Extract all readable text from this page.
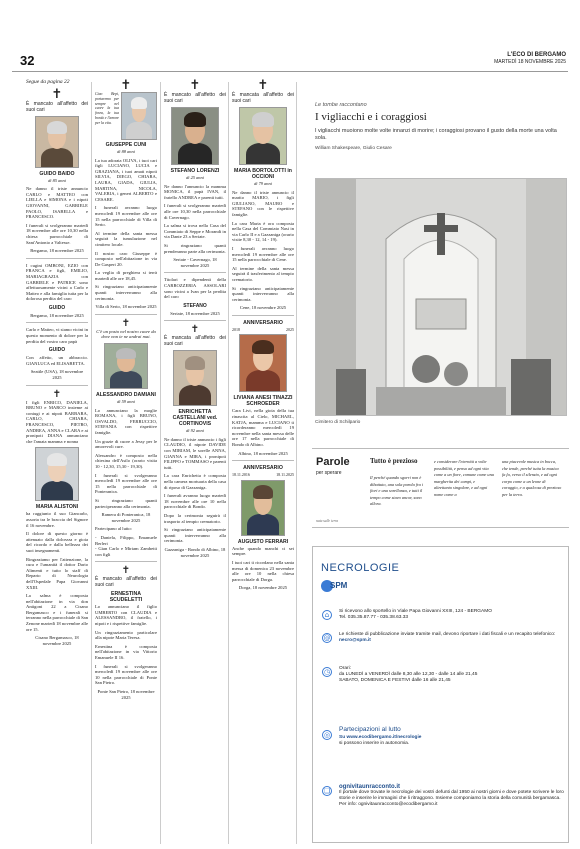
32	L'ECO DI BERGAMO
MARTEDÌ 18 NOVEMBRE 2025
Segue da pagina 22
✝
È mancato all'affetto dei suoi cari
GUIDO BAIDO
di 85 anni

Ne danno il triste annuncio CARLO e MATTEO con LIELLA e SIMONA e i nipoti GIOVANNI, GABRIELE PAOLO, ISABELLA e FRANCESCO.

I funerali si svolgeranno martedì 18 novembre alle ore 10,30 nella chiesa parrocchiale di Sant'Antonio a Valtesse.

Bergamo, 18 novembre 2025

I cugini OMBONI, EZIO con FRANCA e figli, EMILIO, MARIAGRAZIA con GABRIELE e PATRICE sono affettuosamente vicini a Carlo e Matteo e alla famiglia tutta per la dolorosa perdita del caro

GUIDO

Bergamo, 18 novembre 2025

Carlo e Matteo, vi siamo vicini in questo momento di dolore per la perdita del vostro caro papà

GUIDO

Con affetto, un abbraccio. GIANLUCA ed ELISABETTA.

Seattle (USA), 18 novembre 2025

✝

I figli ENRICO, DANIELA, BRUNO e MARCO insieme ai coniugi e ai nipoti BARBARA, CARLO, CHIARA, FRANCESCO, PIETRO, ANDREA, ANNA e CLARA e ai pronipoti DIANA annunciano che l'amata mamma e nonna

MARIA ALISTONI

ha raggiunto il suo Giancarlo, assorta tra le braccia del Signore il 16 novembre.

Il dolore di questo giorno è attenuato dalla dolcezza e gioia del ricordo e dalla bellezza dei suoi insegnamenti.

Ringraziamo per l'attenzione, la cura e l'umanità il dottor Dario Alimenti e tutto lo staff di Reparto di Neurologia dell'Ospedale Papa Giovanni XXIII.

La salma è composta nell'abitazione in via don Antigoni 22 a Cisano Bergamasco e i funerali si terranno nella parrocchiale di San Zenone martedì 18 novembre alle ore 15.

Cisano Bergamasco, 18 novembre 2025

✝

Ciao Bepi, portaremo per sempre nel cuore la tua forza, la tua bontà e l'amore per la vita.

GIUSEPPE CUNI
di 88 anni

La tua adorata OLIVA, i tuoi cari figli LUCIANO, LUCIA e GRAZIANA, i tuoi amati nipoti SILVIA, DIEGO, CHIARA, LAURA, GIADA, GIULIA, MARTINA, NICOLA, VALERIA, i generi ALBERTO e CESARE.

I funerali avranno luogo mercoledì 19 novembre alle ore 15 nella parrocchiale di Villa di Serio.

Al termine della santa messa seguirà la tumulazione nel cimitero locale.

Il nostro caro Giuseppe è composto nell'abitazione in via De Gasperi 20.

La veglia di preghiera si terrà martedì alle ore 18,45.

Si ringraziano anticipatamente quanti interverranno alla cerimonia.

Villa di Serio, 18 novembre 2025

✝

C'è un posto nel nostro cuore da dove non te ne andrai mai.

ALESSANDRO DAMIANI
di 59 anni

Lo annunciano la moglie ROMANA, i figli BRUNO, OSVALDO, FERRUCCIO, STEFANIA con rispettive famiglie.

Un grazie di cuore a Jessy per le amorevoli cure.

Alessandro è composto nella chiesina dell'Asilo (orario visita 10 - 12,30, 15,30 - 19,30).

I funerali si svolgeranno mercoledì 19 novembre alle ore 15 nella parrocchiale di Ponteranica.

Si ringraziano quanti parteciperanno alla cerimonia.

Ramera di Ponteranica, 18 novembre 2025

Partecipano al lutto:

- Daniela, Filippo, Emanuele Berleri
- Gian Carlo e Miriam Zambetti con figli

✝
È mancato all'affetto dei suoi cari
ERNESTINA SCUDELETTI

Lo annunciano il figlio UMBERTO con CLAUDIA e ALESSANDRO, il fratello, i nipoti e i rispettive famiglie.

Un ringraziamento particolare alla nipote Maria Teresa.

Ernestina è composta nell'abitazione in via Vittorio Emanuele II 16.

I funerali si svolgeranno mercoledì 19 novembre alle ore 10 nella parrocchiale di Ponte San Pietro.

Ponte San Pietro, 18 novembre 2025

✝
È mancato all'affetto dei suoi cari
STEFANO LORENZI
di 25 anni

Ne danno l'annuncio la mamma MONICA, il papà IVAN, il fratello ANDREA e parenti tutti.

I funerali si svolgeranno martedì alle ore 10,30 nella parrocchiale di Cavernago.

La salma si trova nella Casa del Commiato di Seppe e Morandi in via Dante 23 a Seriate.

Si ringraziano quanti prenderanno parte alla cerimonia.

Seriate - Cavernago, 18 novembre 2025

Titolari e dipendenti della CARROZZERIA ASSOLARI sono vicini a Ivan per la perdita del caro

STEFANO

Seriate, 18 novembre 2025

✝
È mancata all'affetto dei suoi cari
ENRICHETTA CASTELLANI ved. CORTINOVIS
di 92 anni

Ne danno il triste annuncio i figli CLAUDIO, il nipote DAVIDE con MIRIAM, le sorelle ANNA, GIANNA e MIRA, i pronipoti FILIPPO e TOMMASO e parenti tutti.

La cara Enrichetta è composta nella camera mortuaria della casa di riposo di Gazzaniga.

I funerali avranno luogo martedì 18 novembre alle ore 10 nella parrocchiale di Bondo.

Dopo la cerimonia seguirà il trasporto al tempio crematorio.

Si ringraziano anticipatamente quanti interverranno alla cerimonia.

Gazzaniga - Bondo di Albino, 18 novembre 2025

✝
È mancata all'affetto dei suoi cari
MARIA BORTOLOTTI in OCCIONI
di 79 anni

Ne danno il triste annuncio il marito MARIO, i figli GIULIANO, MAURO e STEFANO con le rispettive famiglie.

La cara Maria è ora composta nella Casa del Commiato Nasi in via Carlo II e a Gazzaniga (orario visite 8,30 - 12, 14 - 19).

I funerali avranno luogo mercoledì 19 novembre alle ore 15 nella parrocchiale di Cene.

Al termine della santa messa seguirà il trasferimento al tempio crematorio.

Si ringraziano anticipatamente quanti interverranno alla cerimonia.

Cene, 18 novembre 2025

ANNIVERSARIO
2018	2025
LIVIANA ANESI TINAZZI SCHROEDER

Cara Livi, nella gioia della tua rinascita al Cielo, MICHAEL, KATJA, mamma e LUCIANO ti ricorderanno mercoledì 19 novembre nella santa messa delle ore 17 nella parrocchiale di Bondo di Albino.

Albino, 18 novembre 2025

ANNIVERSARIO
18.11.2016	18.11.2025
AUGUSTO FERRARI

Anche quando manchi ci sei sempre.

I tuoi cari ti ricordano nella santa messa di domenica 23 novembre alle ore 10 nella chiesa parrocchiale di Dorga.

Dorga, 18 novembre 2025

Le tombe raccontano
I vigliacchi e i coraggiosi
I vigliacchi muoiono molte volte innanzi di morire; i coraggiosi provano il gusto della morte una volta sola.
William Shakespeare, Giulio Cesare
Cimitero di Schilpario
Parole
per sperare
nata sulle terra
Tutto è prezioso
Il perché quando sgorri non è dibattuto, una sola parola fra i fiori e una sorellanza, e tutti il tempo come stavo ancor, sono allora.
e considerare l'eternità a volte possibilità, e penso ad ogni vita come a un fiore, comune come una margherita dei campi, e altrettanto singolare, e ad ogni nome come a
una piacevole musica in bocca, che tende, perché tutta la musica fa fa, verso il silenzio, e ad ogni corpo come a un leone di coraggio, e a qualcosa di prezioso per la terra.
NECROLOGIE
SPM
⌂	Si ricevono allo sportello in Viale Papa Giovanni XXIII, 124 - BERGAMO
Tel. 035.35.87.77 - 035.38.63.33
@	Le richieste di pubblicazione inviate tramite mail, devono riportare i dati fiscali e un recapito telefonico:
necro@spm.it
◷	Orari:
da LUNEDÌ a VENERDÌ dalle 8,30 alle 12,30 - dalle 14 alle 21,45
SABATO, DOMENICA E FESTIVI dalle 16 alle 21,45
◎
Partecipazioni al lutto
Su www.ecodibergamo.it/necrologie
si possono inserire in autonomia.
❏	ognivitaunracconto.it
Il portale dove trovate le necrologie dei vostri defunti dal 1950 ai nostri giorni e dove potete scrivere le loro storie e inserire le immagini che li ritraggono. Insieme componiamo la storia della comunità bergamasca. Per info: ognivitaunracconto@ecodibergamo.it
